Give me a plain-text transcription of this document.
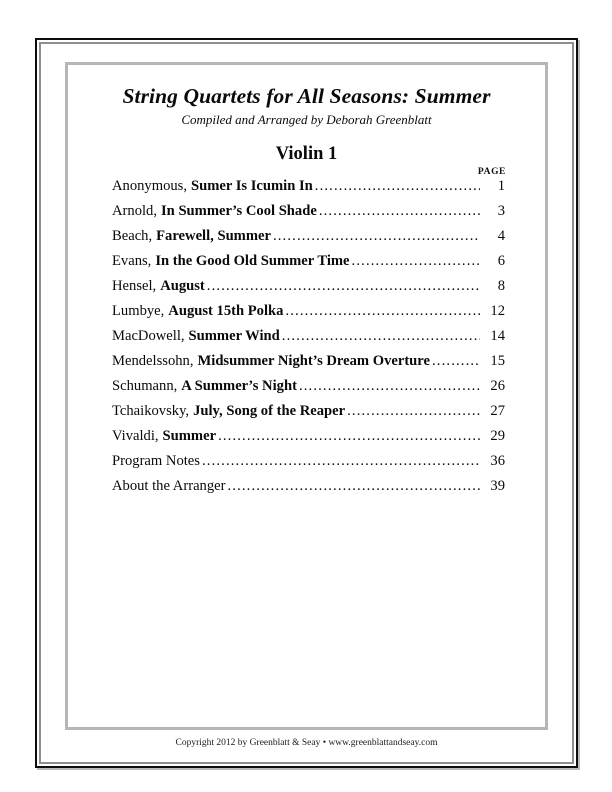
String Quartets for All Seasons: Summer
Compiled and Arranged by Deborah Greenblatt
Violin 1
PAGE
Anonymous, Sumer Is Icumin In .....	1
Arnold, In Summer’s Cool Shade .....	3
Beach, Farewell, Summer .....	4
Evans, In the Good Old Summer Time .....	6
Hensel, August .....	8
Lumbye, August 15th Polka .....	12
MacDowell, Summer Wind .....	14
Mendelssohn, Midsummer Night’s Dream Overture .....	15
Schumann, A Summer’s Night .....	26
Tchaikovsky, July, Song of the Reaper .....	27
Vivaldi, Summer .....	29
Program Notes .....	36
About the Arranger .....	39
Copyright 2012 by Greenblatt & Seay • www.greenblattandseay.com
